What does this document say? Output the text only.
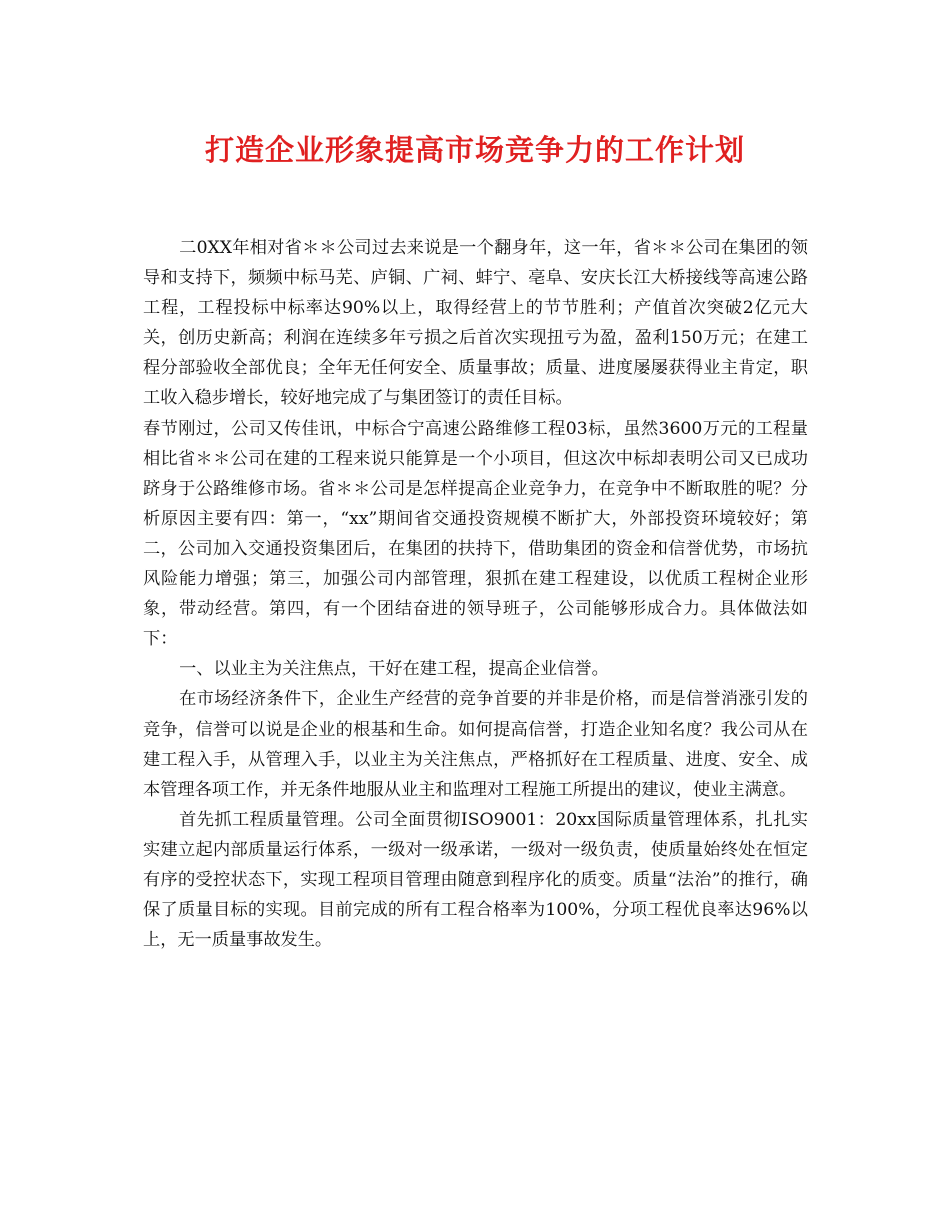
打造企业形象提高市场竞争力的工作计划

二0XX年相对省＊＊公司过去来说是一个翻身年，这一年，省＊＊公司在集团的领导和支持下，频频中标马芜、庐铜、广祠、蚌宁、亳阜、安庆长江大桥接线等高速公路工程，工程投标中标率达90%以上，取得经营上的节节胜利；产值首次突破2亿元大关，创历史新高；利润在连续多年亏损之后首次实现扭亏为盈，盈利150万元；在建工程分部验收全部优良；全年无任何安全、质量事故；质量、进度屡屡获得业主肯定，职工收入稳步增长，较好地完成了与集团签订的责任目标。

春节刚过，公司又传佳讯，中标合宁高速公路维修工程03标，虽然3600万元的工程量相比省＊＊公司在建的工程来说只能算是一个小项目，但这次中标却表明公司又已成功跻身于公路维修市场。省＊＊公司是怎样提高企业竞争力，在竞争中不断取胜的呢？分析原因主要有四：第一，“xx”期间省交通投资规模不断扩大，外部投资环境较好；第二，公司加入交通投资集团后，在集团的扶持下，借助集团的资金和信誉优势，市场抗风险能力增强；第三，加强公司内部管理，狠抓在建工程建设，以优质工程树企业形象，带动经营。第四，有一个团结奋进的领导班子，公司能够形成合力。具体做法如下：

一、以业主为关注焦点，干好在建工程，提高企业信誉。

在市场经济条件下，企业生产经营的竞争首要的并非是价格，而是信誉消涨引发的竞争，信誉可以说是企业的根基和生命。如何提高信誉，打造企业知名度？我公司从在建工程入手，从管理入手，以业主为关注焦点，严格抓好在工程质量、进度、安全、成本管理各项工作，并无条件地服从业主和监理对工程施工所提出的建议，使业主满意。

首先抓工程质量管理。公司全面贯彻ISO9001：20xx国际质量管理体系，扎扎实实建立起内部质量运行体系，一级对一级承诺，一级对一级负责，使质量始终处在恒定有序的受控状态下，实现工程项目管理由随意到程序化的质变。质量“法治”的推行，确保了质量目标的实现。目前完成的所有工程合格率为100%，分项工程优良率达96%以上，无一质量事故发生。
